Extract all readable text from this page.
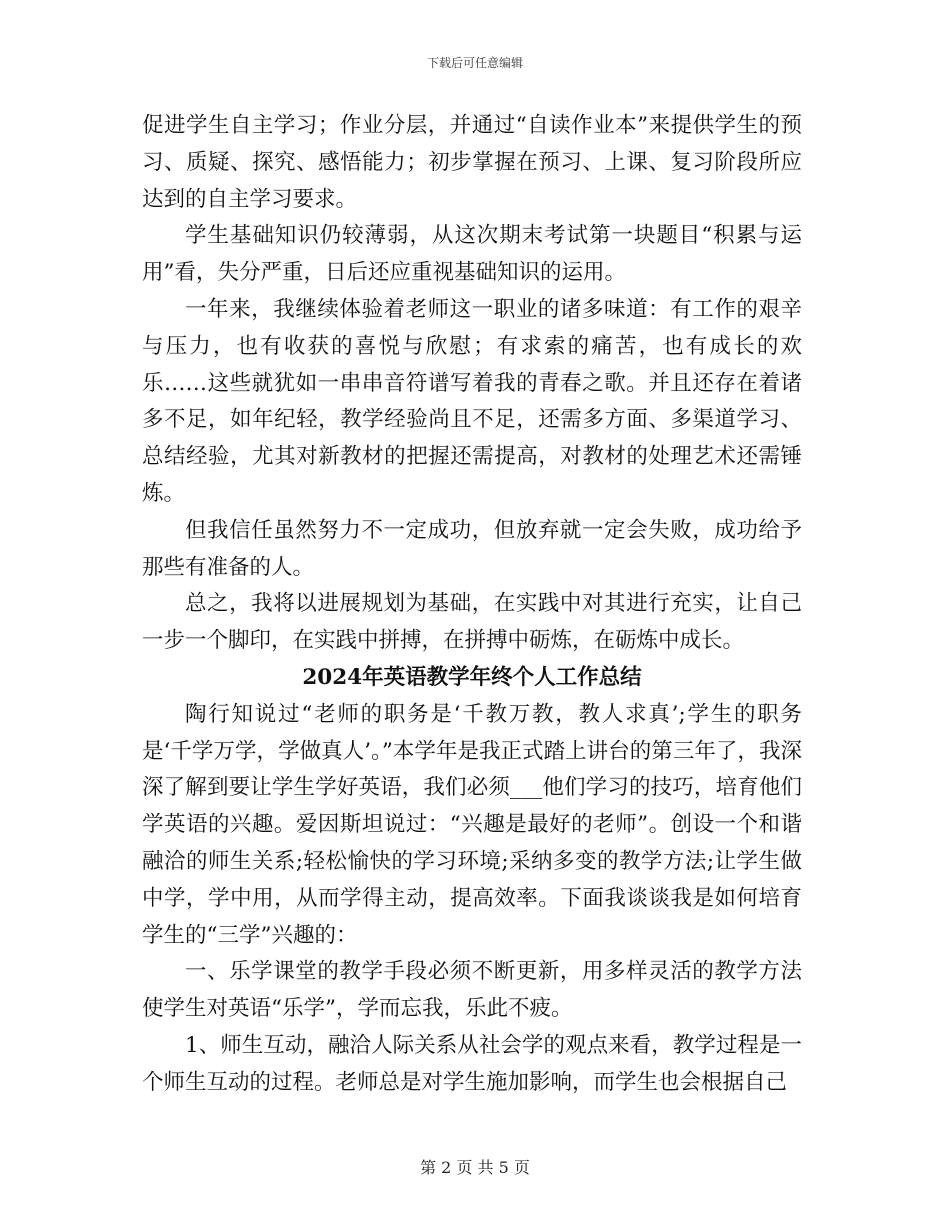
下载后可任意编辑

促进学生自主学习；作业分层，并通过“自读作业本”来提供学生的预习、质疑、探究、感悟能力；初步掌握在预习、上课、复习阶段所应达到的自主学习要求。

学生基础知识仍较薄弱，从这次期末考试第一块题目“积累与运用”看，失分严重，日后还应重视基础知识的运用。

一年来，我继续体验着老师这一职业的诸多味道：有工作的艰辛与压力，也有收获的喜悦与欣慰；有求索的痛苦，也有成长的欢乐……这些就犹如一串串音符谱写着我的青春之歌。并且还存在着诸多不足，如年纪轻，教学经验尚且不足，还需多方面、多渠道学习、总结经验，尤其对新教材的把握还需提高，对教材的处理艺术还需锤炼。

但我信任虽然努力不一定成功，但放弃就一定会失败，成功给予那些有准备的人。

总之，我将以进展规划为基础，在实践中对其进行充实，让自己一步一个脚印，在实践中拼搏，在拼搏中砺炼，在砺炼中成长。

2024年英语教学年终个人工作总结

陶行知说过“老师的职务是‘千教万教，教人求真’;学生的职务是‘千学万学，学做真人’。”本学年是我正式踏上讲台的第三年了，我深深了解到要让学生学好英语，我们必须___他们学习的技巧，培育他们学英语的兴趣。爱因斯坦说过：“兴趣是最好的老师”。创设一个和谐融洽的师生关系;轻松愉快的学习环境;采纳多变的教学方法;让学生做中学，学中用，从而学得主动，提高效率。下面我谈谈我是如何培育学生的“三学”兴趣的：

一、乐学课堂的教学手段必须不断更新，用多样灵活的教学方法使学生对英语“乐学”，学而忘我，乐此不疲。

1、师生互动，融洽人际关系从社会学的观点来看，教学过程是一个师生互动的过程。老师总是对学生施加影响，而学生也会根据自己

第 2 页 共 5 页
